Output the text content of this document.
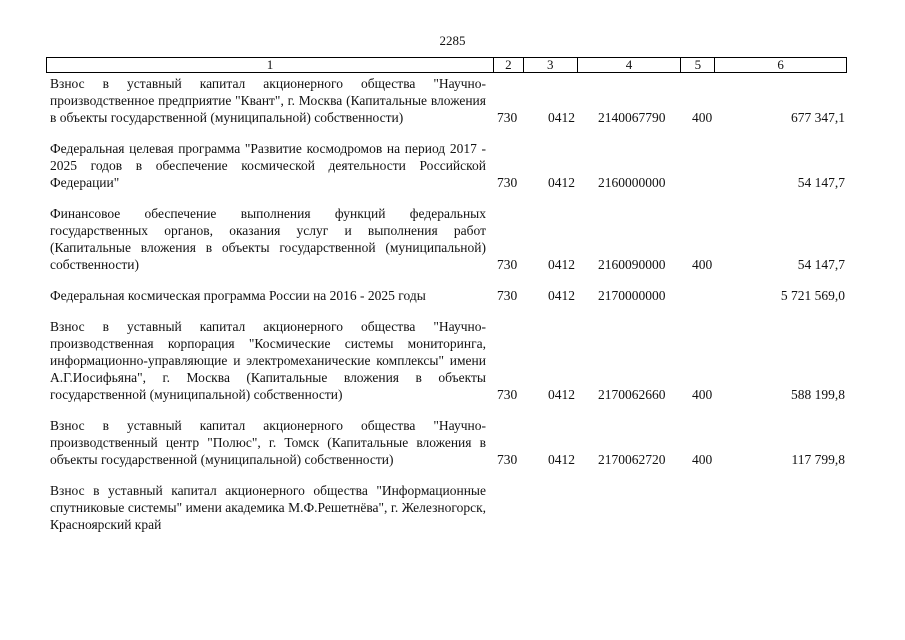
2285
1	2	3	4	5	6
Взнос в уставный капитал акционерного общества "Научно-производственное предприятие "Квант", г. Москва (Капитальные вложения в объекты государственной (муниципальной) собственности)	730 0412 2140067790 400	677 347,1
Федеральная целевая программа "Развитие космодромов на период 2017 - 2025 годов в обеспечение космической деятельности Российской Федерации"	730 0412 2160000000	54 147,7
Финансовое обеспечение выполнения функций федеральных государственных органов, оказания услуг и выполнения работ (Капитальные вложения в объекты государственной (муниципальной) собственности)	730 0412 2160090000 400	54 147,7
Федеральная космическая программа России на 2016 - 2025 годы	730 0412 2170000000	5 721 569,0
Взнос в уставный капитал акционерного общества "Научно-производственная корпорация "Космические системы мониторинга, информационно-управляющие и электромеханические комплексы" имени А.Г.Иосифьяна", г. Москва (Капитальные вложения в объекты государственной (муниципальной) собственности)	730 0412 2170062660 400	588 199,8
Взнос в уставный капитал акционерного общества "Научно-производственный центр "Полюс", г. Томск (Капитальные вложения в объекты государственной (муниципальной) собственности)	730 0412 2170062720 400	117 799,8
Взнос в уставный капитал акционерного общества "Информационные спутниковые системы" имени академика М.Ф.Решетнёва", г. Железногорск, Красноярский край
